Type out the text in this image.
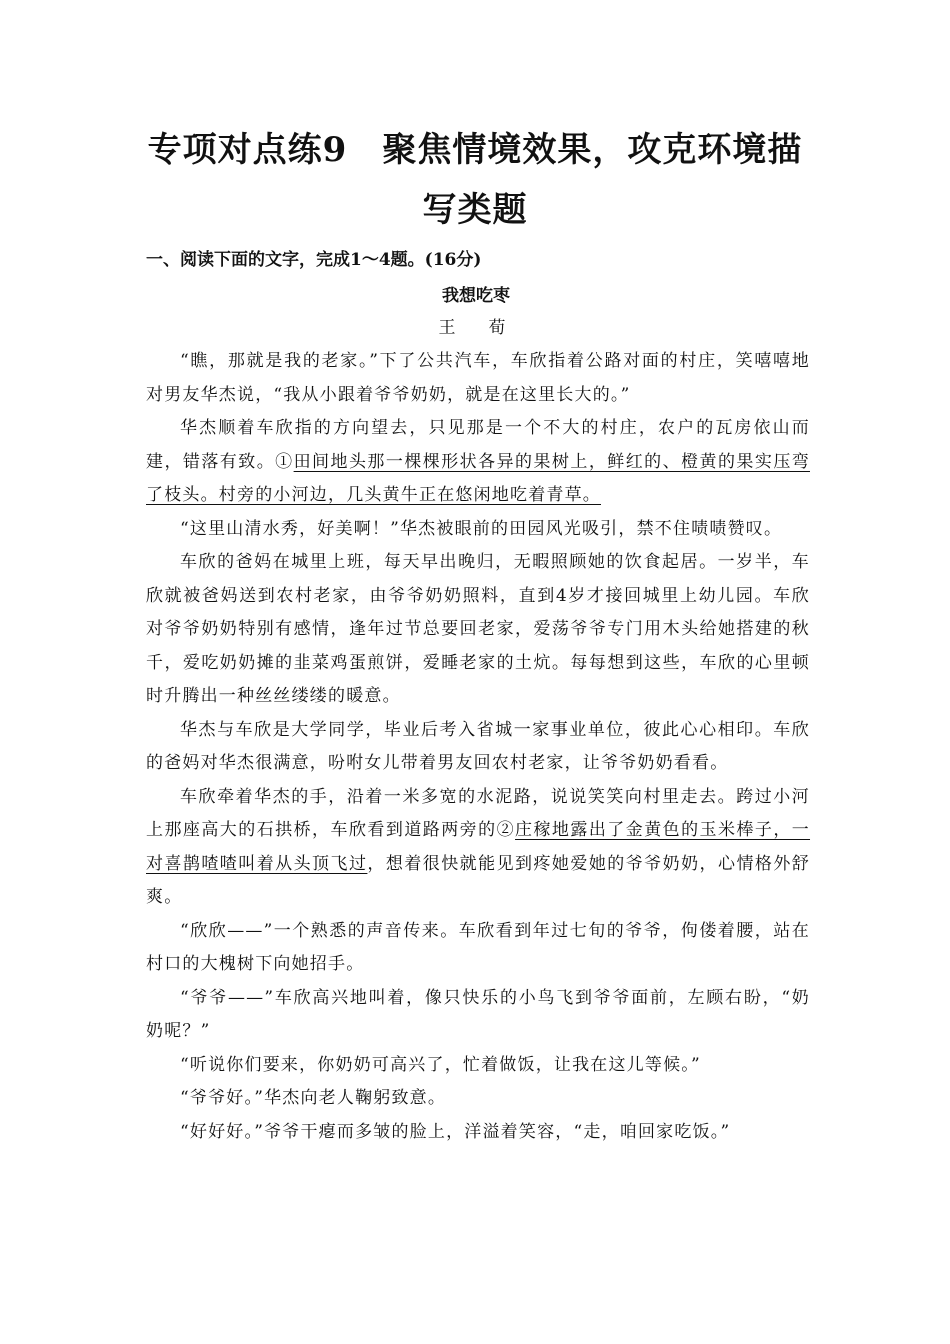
专项对点练9　聚焦情境效果，攻克环境描
写类题
一、阅读下面的文字，完成1～4题。(16分)
我想吃枣
王　荀

“瞧，那就是我的老家。”下了公共汽车，车欣指着公路对面的村庄，笑嘻嘻地对男友华杰说，“我从小跟着爷爷奶奶，就是在这里长大的。”

华杰顺着车欣指的方向望去，只见那是一个不大的村庄，农户的瓦房依山而建，错落有致。①田间地头那一棵棵形状各异的果树上，鲜红的、橙黄的果实压弯了枝头。村旁的小河边，几头黄牛正在悠闲地吃着青草。

“这里山清水秀，好美啊！”华杰被眼前的田园风光吸引，禁不住啧啧赞叹。

车欣的爸妈在城里上班，每天早出晚归，无暇照顾她的饮食起居。一岁半，车欣就被爸妈送到农村老家，由爷爷奶奶照料，直到4岁才接回城里上幼儿园。车欣对爷爷奶奶特别有感情，逢年过节总要回老家，爱荡爷爷专门用木头给她搭建的秋千，爱吃奶奶摊的韭菜鸡蛋煎饼，爱睡老家的土炕。每每想到这些，车欣的心里顿时升腾出一种丝丝缕缕的暖意。

华杰与车欣是大学同学，毕业后考入省城一家事业单位，彼此心心相印。车欣的爸妈对华杰很满意，吩咐女儿带着男友回农村老家，让爷爷奶奶看看。

车欣牵着华杰的手，沿着一米多宽的水泥路，说说笑笑向村里走去。跨过小河上那座高大的石拱桥，车欣看到道路两旁的②庄稼地露出了金黄色的玉米棒子，一对喜鹊喳喳叫着从头顶飞过，想着很快就能见到疼她爱她的爷爷奶奶，心情格外舒爽。

“欣欣——”一个熟悉的声音传来。车欣看到年过七旬的爷爷，佝偻着腰，站在村口的大槐树下向她招手。

“爷爷——”车欣高兴地叫着，像只快乐的小鸟飞到爷爷面前，左顾右盼，“奶奶呢？”

“听说你们要来，你奶奶可高兴了，忙着做饭，让我在这儿等候。”

“爷爷好。”华杰向老人鞠躬致意。

“好好好。”爷爷干瘪而多皱的脸上，洋溢着笑容，“走，咱回家吃饭。”
